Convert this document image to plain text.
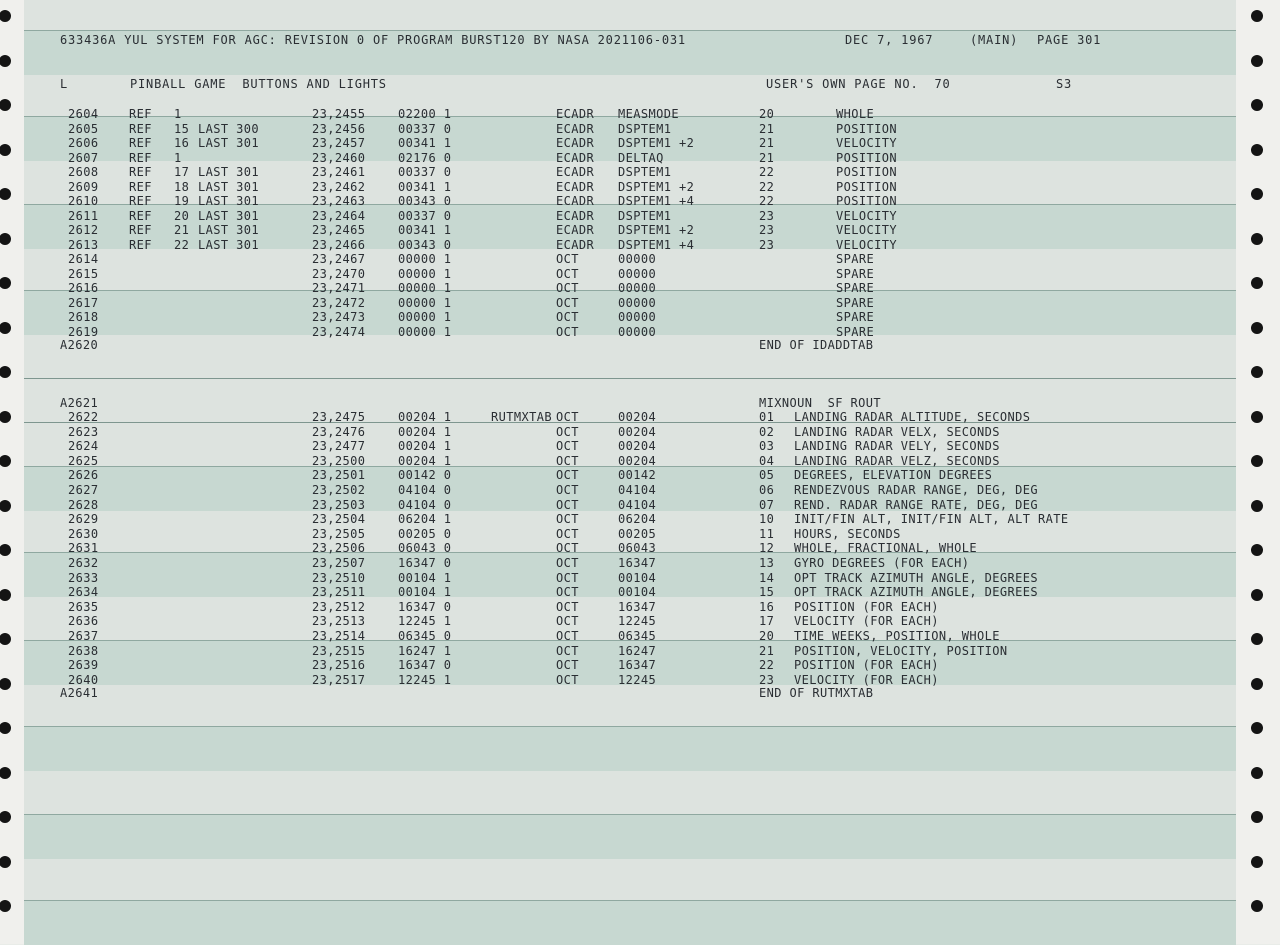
633436A YUL SYSTEM FOR AGC: REVISION 0 OF PROGRAM BURST120 BY NASA 2021106-031	DEC 7, 1967	(MAIN) PAGE 301
L	PINBALL GAME  BUTTONS AND LIGHTS	USER'S OWN PAGE NO.  70	S3
A2620	END OF IDADDTAB
A2621	MIXNOUN  SF ROUT
A2641	END OF RUTMXTAB
2604	REF 1	23,2455	02200 1	ECADR MEASMODE	20	WHOLE
2605	REF 15 LAST 300	23,2456	00337 0	ECADR DSPTEM1	21	POSITION
2606	REF 16 LAST 301	23,2457	00341 1	ECADR DSPTEM1 +2	21	VELOCITY
2607	REF 1	23,2460	02176 0	ECADR DELTAQ	21	POSITION
2608	REF 17 LAST 301	23,2461	00337 0	ECADR DSPTEM1	22	POSITION
2609	REF 18 LAST 301	23,2462	00341 1	ECADR DSPTEM1 +2	22	POSITION
2610	REF 19 LAST 301	23,2463	00343 0	ECADR DSPTEM1 +4	22	POSITION
2611	REF 20 LAST 301	23,2464	00337 0	ECADR DSPTEM1	23	VELOCITY
2612	REF 21 LAST 301	23,2465	00341 1	ECADR DSPTEM1 +2	23	VELOCITY
2613	REF 22 LAST 301	23,2466	00343 0	ECADR DSPTEM1 +4	23	VELOCITY
2614	23,2467	00000 1	OCT	00000	SPARE
2615	23,2470	00000 1	OCT	00000	SPARE
2616	23,2471	00000 1	OCT	00000	SPARE
2617	23,2472	00000 1	OCT	00000	SPARE
2618	23,2473	00000 1	OCT	00000	SPARE
2619	23,2474	00000 1	OCT	00000	SPARE
2622	23,2475	00204 1	RUTMXTAB OCT	00204	01 LANDING RADAR ALTITUDE, SECONDS
2623	23,2476	00204 1	OCT	00204	02 LANDING RADAR VELX, SECONDS
2624	23,2477	00204 1	OCT	00204	03 LANDING RADAR VELY, SECONDS
2625	23,2500	00204 1	OCT	00204	04 LANDING RADAR VELZ, SECONDS
2626	23,2501	00142 0	OCT	00142	05 DEGREES, ELEVATION DEGREES
2627	23,2502	04104 0	OCT	04104	06 RENDEZVOUS RADAR RANGE, DEG, DEG
2628	23,2503	04104 0	OCT	04104	07 REND. RADAR RANGE RATE, DEG, DEG
2629	23,2504	06204 1	OCT	06204	10 INIT/FIN ALT, INIT/FIN ALT, ALT RATE
2630	23,2505	00205 0	OCT	00205	11 HOURS, SECONDS
2631	23,2506	06043 0	OCT	06043	12 WHOLE, FRACTIONAL, WHOLE
2632	23,2507	16347 0	OCT	16347	13 GYRO DEGREES (FOR EACH)
2633	23,2510	00104 1	OCT	00104	14 OPT TRACK AZIMUTH ANGLE, DEGREES
2634	23,2511	00104 1	OCT	00104	15 OPT TRACK AZIMUTH ANGLE, DEGREES
2635	23,2512	16347 0	OCT	16347	16 POSITION (FOR EACH)
2636	23,2513	12245 1	OCT	12245	17 VELOCITY (FOR EACH)
2637	23,2514	06345 0	OCT	06345	20 TIME WEEKS, POSITION, WHOLE
2638	23,2515	16247 1	OCT	16247	21 POSITION, VELOCITY, POSITION
2639	23,2516	16347 0	OCT	16347	22 POSITION (FOR EACH)
2640	23,2517	12245 1	OCT	12245	23 VELOCITY (FOR EACH)
